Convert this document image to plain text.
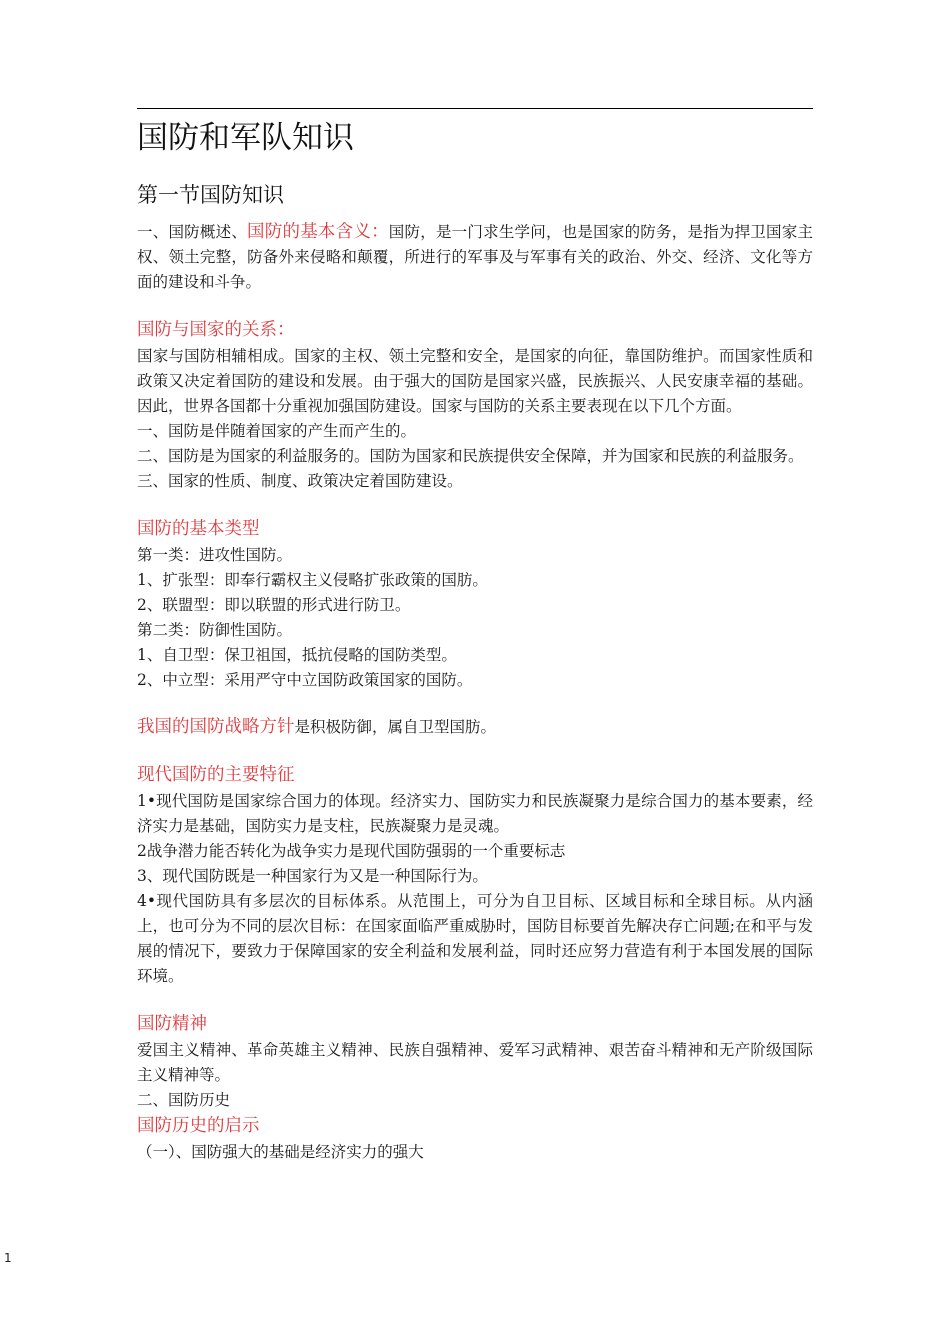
国防和军队知识
第一节国防知识

一、国防概述、国防的基本含义：国防，是一门求生学问，也是国家的防务，是指为捍卫国家主权、领土完整，防备外来侵略和颠覆，所进行的军事及与军事有关的政治、外交、经济、文化等方面的建设和斗争。

国防与国家的关系：

国家与国防相辅相成。国家的主权、领土完整和安全，是国家的向征，靠国防维护。而国家性质和政策又决定着国防的建设和发展。由于强大的国防是国家兴盛，民族振兴、人民安康幸福的基础。因此，世界各国都十分重视加强国防建设。国家与国防的关系主要表现在以下几个方面。

一、国防是伴随着国家的产生而产生的。

二、国防是为国家的利益服务的。国防为国家和民族提供安全保障，并为国家和民族的利益服务。

三、国家的性质、制度、政策决定着国防建设。

国防的基本类型

第一类：进攻性国防。

1、扩张型：即奉行霸权主义侵略扩张政策的国肪。

2、联盟型：即以联盟的形式进行防卫。

第二类：防御性国防。

1、自卫型：保卫祖国，抵抗侵略的国防类型。

2、中立型：采用严守中立国防政策国家的国防。

我国的国防战略方针是积极防御，属自卫型国肪。

现代国防的主要特征

1•现代国防是国家综合国力的体现。经济实力、国防实力和民族凝聚力是综合国力的基本要素，经济实力是基础，国防实力是支柱，民族凝聚力是灵魂。

2战争潜力能否转化为战争实力是现代国防强弱的一个重要标志

3、现代国防既是一种国家行为又是一种国际行为。

4•现代国防具有多层次的目标体系。从范围上，可分为自卫目标、区域目标和全球目标。从内涵上，也可分为不同的层次目标：在国家面临严重威胁时，国防目标要首先解决存亡问题;在和平与发展的情况下，要致力于保障国家的安全利益和发展利益，同时还应努力营造有利于本国发展的国际环境。

国防精神

爱国主义精神、革命英雄主义精神、民族自强精神、爱军习武精神、艰苦奋斗精神和无产阶级国际主义精神等。

二、国防历史

国防历史的启示

（一）、国防强大的基础是经济实力的强大

1
